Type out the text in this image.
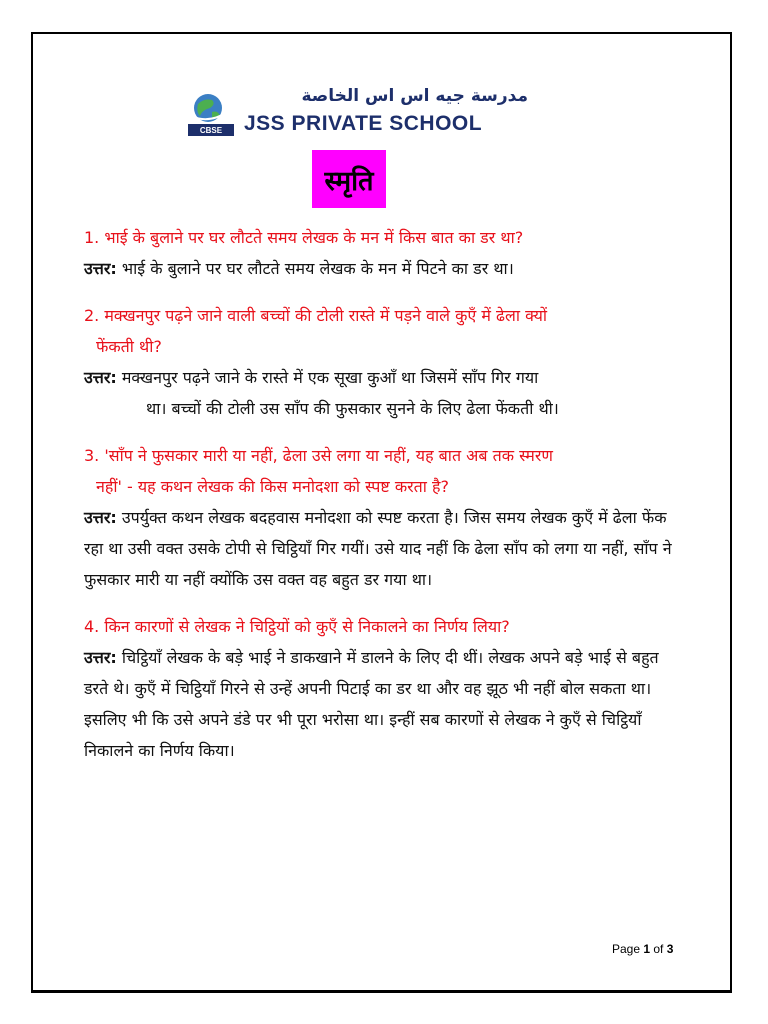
CBSE
مدرسة جيه اس اس الخاصة
JSS PRIVATE SCHOOL
स्मृति

1. भाई के बुलाने पर घर लौटते समय लेखक के मन में किस बात का डर था?

उत्तर: भाई के बुलाने पर घर लौटते समय लेखक के मन में पिटने का डर था।

2. मक्खनपुर पढ़ने जाने वाली बच्चों की टोली रास्ते में पड़ने वाले कुएँ में ढेला क्यों
फेंकती थी?

उत्तर: मक्खनपुर पढ़ने जाने के रास्ते में एक सूखा कुआँ था जिसमें साँप गिर गया

था। बच्चों की टोली उस साँप की फुसकार सुनने के लिए ढेला फेंकती थी।

3. 'साँप ने फुसकार मारी या नहीं, ढेला उसे लगा या नहीं, यह बात अब तक स्मरण
नहीं' - यह कथन लेखक की किस मनोदशा को स्पष्ट करता है?

उत्तर: उपर्युक्त कथन लेखक बदहवास मनोदशा को स्पष्ट करता है। जिस समय लेखक कुएँ में ढेला फेंक रहा था उसी वक्त उसके टोपी से चिट्ठियाँ गिर गयीं। उसे याद नहीं कि ढेला साँप को लगा या नहीं, साँप ने फुसकार मारी या नहीं क्योंकि उस वक्त वह बहुत डर गया था।

4. किन कारणों से लेखक ने चिट्ठियों को कुएँ से निकालने का निर्णय लिया?

उत्तर: चिट्ठियाँ लेखक के बड़े भाई ने डाकखाने में डालने के लिए दी थीं। लेखक अपने बड़े भाई से बहुत डरते थे। कुएँ में चिट्ठियाँ गिरने से उन्हें अपनी पिटाई का डर था और वह झूठ भी नहीं बोल सकता था। इसलिए भी कि उसे अपने डंडे पर भी पूरा भरोसा था। इन्हीं सब कारणों से लेखक ने कुएँ से चिट्ठियाँ निकालने का निर्णय किया।

Page 1 of 3
